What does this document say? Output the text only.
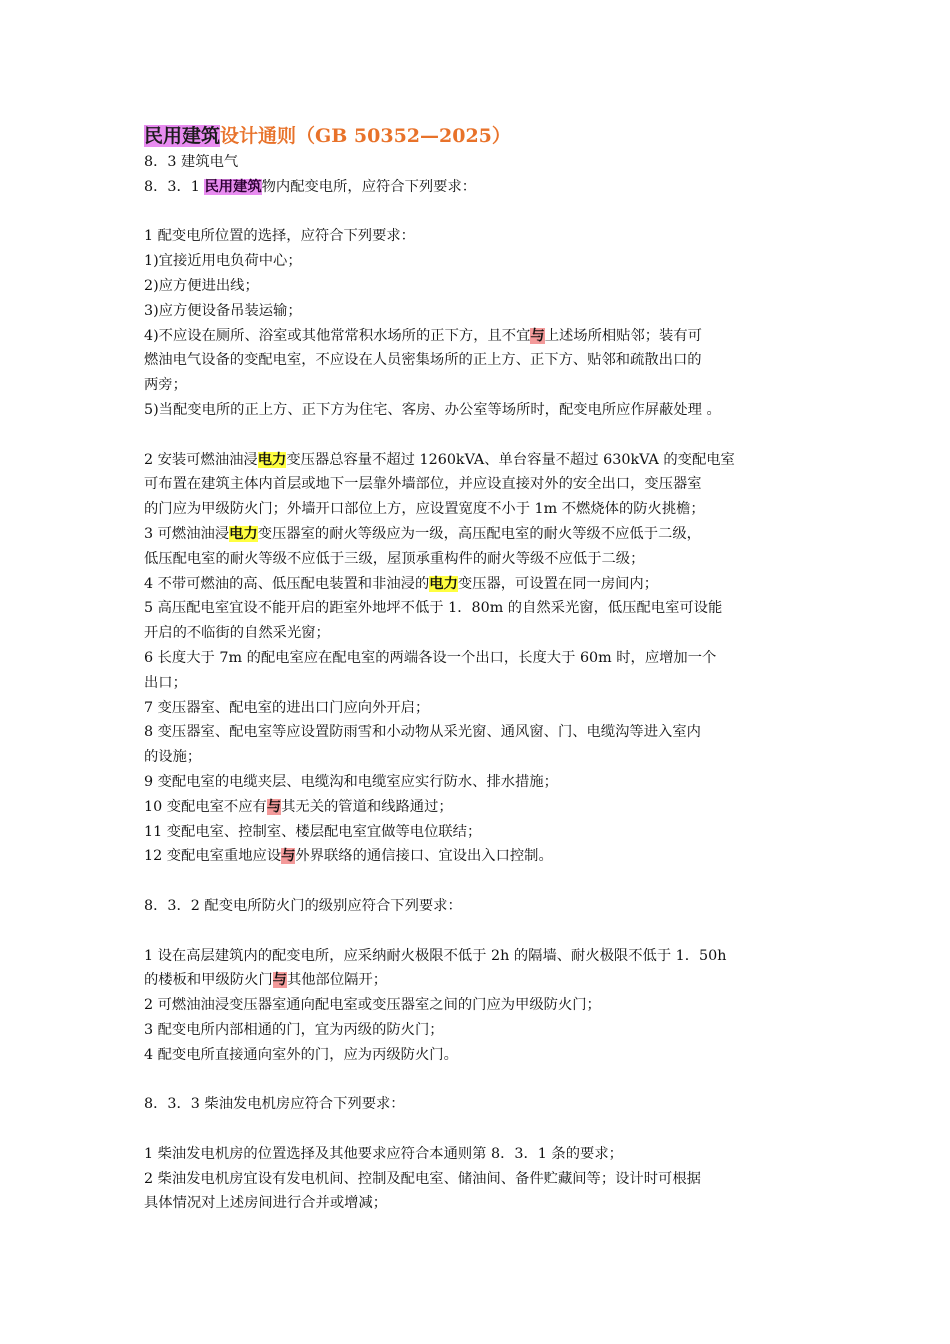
民用建筑设计通则（GB 50352—2025）
8．3 建筑电气
8．3．1 民用建筑物内配变电所，应符合下列要求：
1 配变电所位置的选择，应符合下列要求：
1)宜接近用电负荷中心；
2)应方便进出线；
3)应方便设备吊装运输；
4)不应设在厕所、浴室或其他常常积水场所的正下方，且不宜与上述场所相贴邻；装有可
燃油电气设备的变配电室，不应设在人员密集场所的正上方、正下方、贴邻和疏散出口的
两旁；
5)当配变电所的正上方、正下方为住宅、客房、办公室等场所时，配变电所应作屏蔽处理 。
2 安装可燃油油浸电力变压器总容量不超过 1260kVA、单台容量不超过 630kVA 的变配电室
可布置在建筑主体内首层或地下一层靠外墙部位，并应设直接对外的安全出口，变压器室
的门应为甲级防火门；外墙开口部位上方，应设置宽度不小于 1m 不燃烧体的防火挑檐；
3 可燃油油浸电力变压器室的耐火等级应为一级，高压配电室的耐火等级不应低于二级，
低压配电室的耐火等级不应低于三级，屋顶承重构件的耐火等级不应低于二级；
4 不带可燃油的高、低压配电装置和非油浸的电力变压器，可设置在同一房间内；
5 高压配电室宜设不能开启的距室外地坪不低于 1．80m 的自然采光窗，低压配电室可设能
开启的不临街的自然采光窗；
6 长度大于 7m 的配电室应在配电室的两端各设一个出口，长度大于 60m 时，应增加一个
出口；
7 变压器室、配电室的进出口门应向外开启；
8 变压器室、配电室等应设置防雨雪和小动物从采光窗、通风窗、门、电缆沟等进入室内
的设施；
9 变配电室的电缆夹层、电缆沟和电缆室应实行防水、排水措施；
10 变配电室不应有与其无关的管道和线路通过；
11 变配电室、控制室、楼层配电室宜做等电位联结；
12 变配电室重地应设与外界联络的通信接口、宜设出入口控制。
8．3．2 配变电所防火门的级别应符合下列要求：
1 设在高层建筑内的配变电所，应采纳耐火极限不低于 2h 的隔墙、耐火极限不低于 1．50h
的楼板和甲级防火门与其他部位隔开；
2 可燃油油浸变压器室通向配电室或变压器室之间的门应为甲级防火门；
3 配变电所内部相通的门，宜为丙级的防火门；
4 配变电所直接通向室外的门，应为丙级防火门。
8．3．3 柴油发电机房应符合下列要求：
1 柴油发电机房的位置选择及其他要求应符合本通则第 8．3．1 条的要求；
2 柴油发电机房宜设有发电机间、控制及配电室、储油间、备件贮藏间等；设计时可根据
具体情况对上述房间进行合并或增减；
